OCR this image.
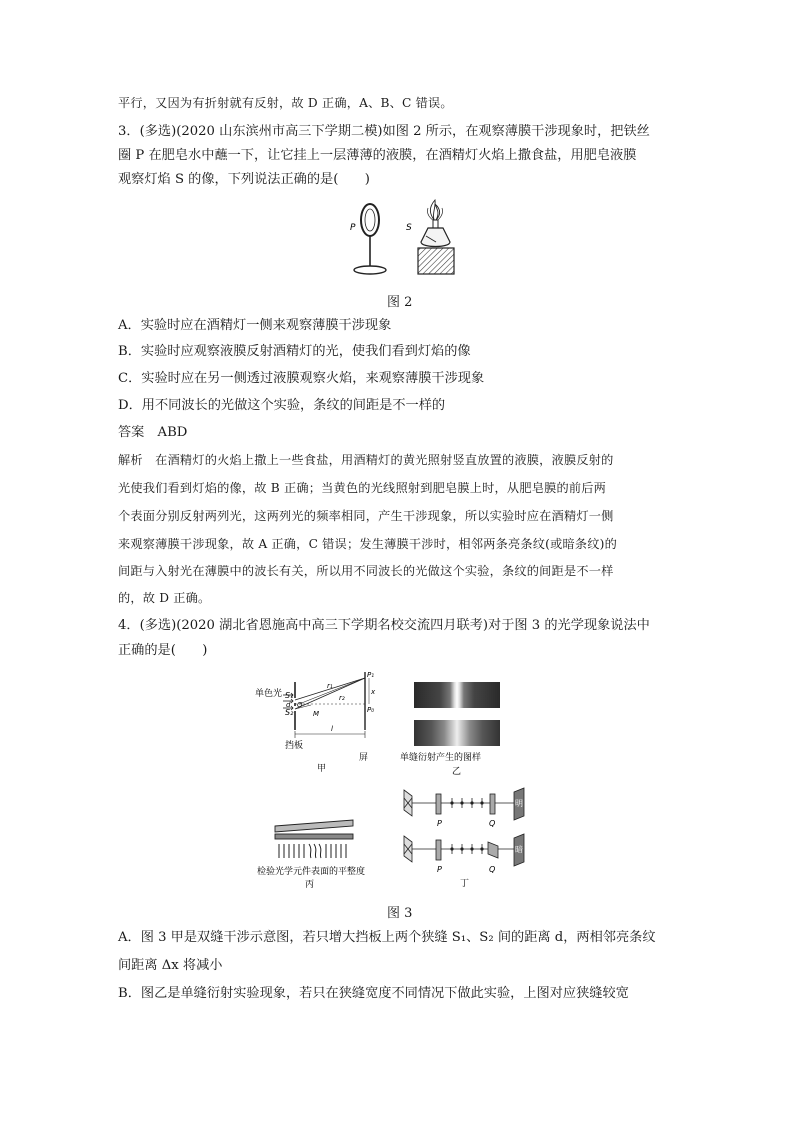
平行，又因为有折射就有反射，故 D 正确，A、B、C 错误。
3．(多选)(2020 山东滨州市高三下学期二模)如图 2 所示，在观察薄膜干涉现象时，把铁丝
圈 P 在肥皂水中蘸一下，让它挂上一层薄薄的液膜，在酒精灯火焰上撒食盐，用肥皂液膜
观察灯焰 S 的像，下列说法正确的是(　　)
P	S
图 2
A．实验时应在酒精灯一侧来观察薄膜干涉现象
B．实验时应观察液膜反射酒精灯的光，使我们看到灯焰的像
C．实验时应在另一侧透过液膜观察火焰，来观察薄膜干涉现象
D．用不同波长的光做这个实验，条纹的间距是不一样的
答案　ABD
解析　在酒精灯的火焰上撒上一些食盐，用酒精灯的黄光照射竖直放置的液膜，液膜反射的
光使我们看到灯焰的像，故 B 正确；当黄色的光线照射到肥皂膜上时，从肥皂膜的前后两
个表面分别反射两列光，这两列光的频率相同，产生干涉现象，所以实验时应在酒精灯一侧
来观察薄膜干涉现象，故 A 正确，C 错误；发生薄膜干涉时，相邻两条亮条纹(或暗条纹)的
间距与入射光在薄膜中的波长有关，所以用不同波长的光做这个实验，条纹的间距是不一样
的，故 D 正确。
4．(多选)(2020 湖北省恩施高中高三下学期名校交流四月联考)对于图 3 的光学现象说法中
正确的是(　　)
单色光 S₁
S₂
d O
M
r₁
r₂
P₁
P₀
x
l
挡板
屏
甲
单缝衍射产生的图样
乙
检验光学元件表面的平整度
丙
P	Q
P	Q
明
暗
丁
图 3
A．图 3 甲是双缝干涉示意图，若只增大挡板上两个狭缝 S₁、S₂ 间的距离 d，两相邻亮条纹
间距离 Δx 将减小
B．图乙是单缝衍射实验现象，若只在狭缝宽度不同情况下做此实验，上图对应狭缝较宽
